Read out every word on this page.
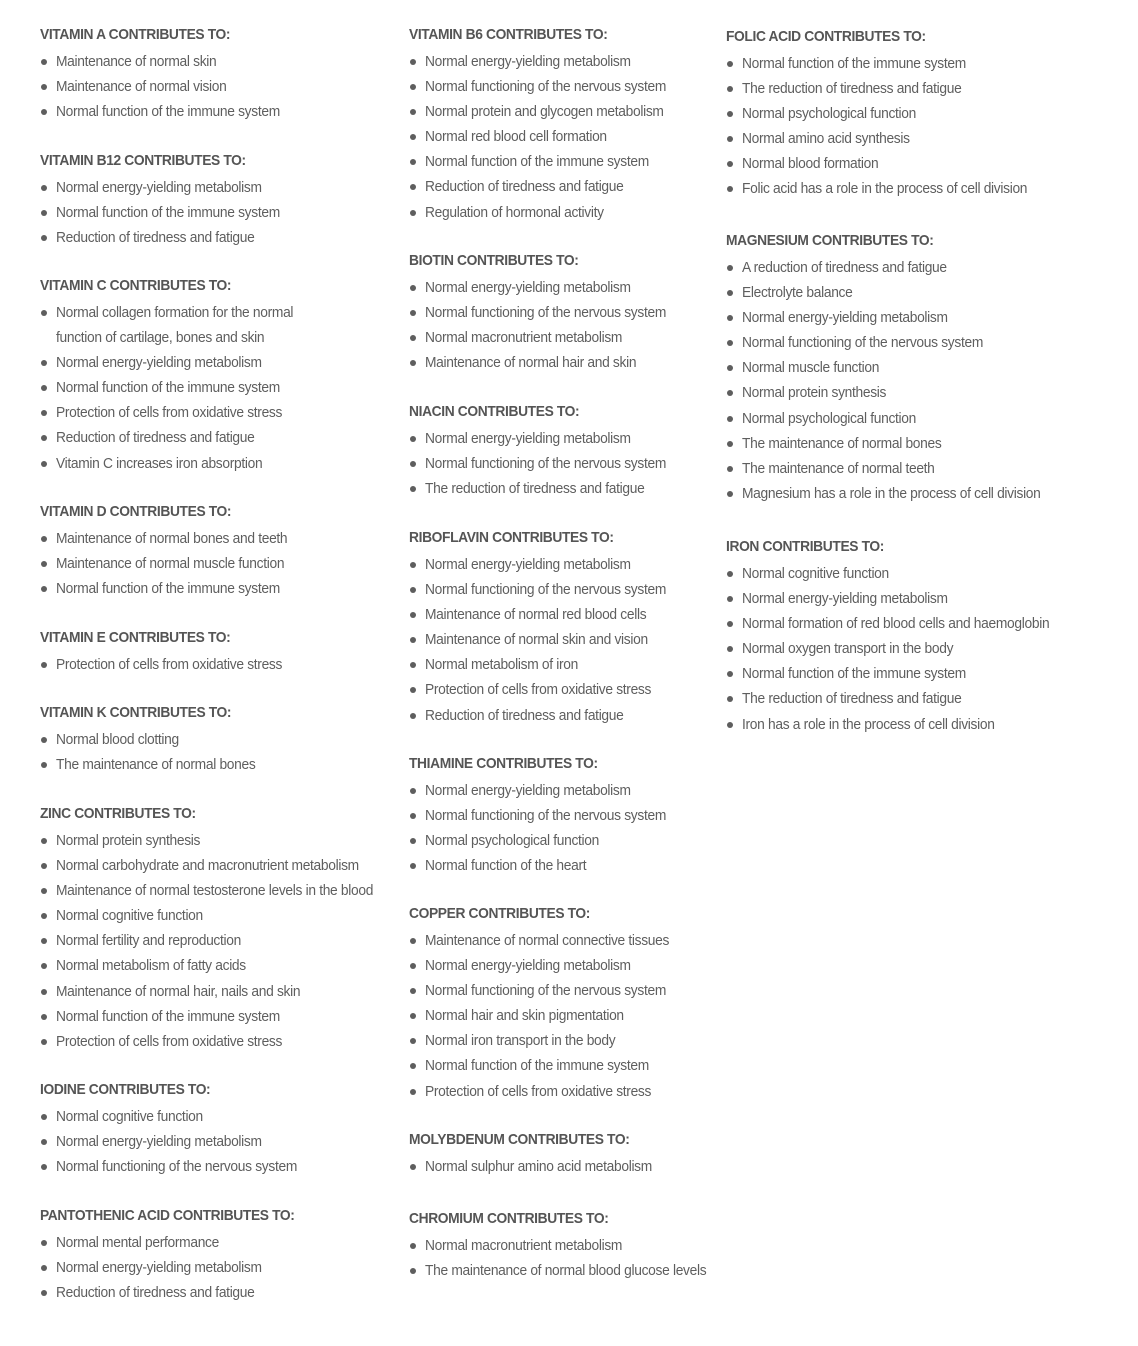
VITAMIN A CONTRIBUTES TO:
Maintenance of normal skin
Maintenance of normal vision
Normal function of the immune system
VITAMIN B12 CONTRIBUTES TO:
Normal energy-yielding metabolism
Normal function of the immune system
Reduction of tiredness and fatigue
VITAMIN C CONTRIBUTES TO:
Normal collagen formation for the normal function of cartilage, bones and skin
Normal energy-yielding metabolism
Normal function of the immune system
Protection of cells from oxidative stress
Reduction of tiredness and fatigue
Vitamin C increases iron absorption
VITAMIN D CONTRIBUTES TO:
Maintenance of normal bones and teeth
Maintenance of normal muscle function
Normal function of the immune system
VITAMIN E CONTRIBUTES TO:
Protection of cells from oxidative stress
VITAMIN K CONTRIBUTES TO:
Normal blood clotting
The maintenance of normal bones
ZINC CONTRIBUTES TO:
Normal protein synthesis
Normal carbohydrate and macronutrient metabolism
Maintenance of normal testosterone levels in the blood
Normal cognitive function
Normal fertility and reproduction
Normal metabolism of fatty acids
Maintenance of normal hair, nails and skin
Normal function of the immune system
Protection of cells from oxidative stress
IODINE CONTRIBUTES TO:
Normal cognitive function
Normal energy-yielding metabolism
Normal functioning of the nervous system
PANTOTHENIC ACID CONTRIBUTES TO:
Normal mental performance
Normal energy-yielding metabolism
Reduction of tiredness and fatigue
VITAMIN B6 CONTRIBUTES TO:
Normal energy-yielding metabolism
Normal functioning of the nervous system
Normal protein and glycogen metabolism
Normal red blood cell formation
Normal function of the immune system
Reduction of tiredness and fatigue
Regulation of hormonal activity
BIOTIN CONTRIBUTES TO:
Normal energy-yielding metabolism
Normal functioning of the nervous system
Normal macronutrient metabolism
Maintenance of normal hair and skin
NIACIN CONTRIBUTES TO:
Normal energy-yielding metabolism
Normal functioning of the nervous system
The reduction of tiredness and fatigue
RIBOFLAVIN CONTRIBUTES TO:
Normal energy-yielding metabolism
Normal functioning of the nervous system
Maintenance of normal red blood cells
Maintenance of normal skin and vision
Normal metabolism of iron
Protection of cells from oxidative stress
Reduction of tiredness and fatigue
THIAMINE CONTRIBUTES TO:
Normal energy-yielding metabolism
Normal functioning of the nervous system
Normal psychological function
Normal function of the heart
COPPER CONTRIBUTES TO:
Maintenance of normal connective tissues
Normal energy-yielding metabolism
Normal functioning of the nervous system
Normal hair and skin pigmentation
Normal iron transport in the body
Normal function of the immune system
Protection of cells from oxidative stress
MOLYBDENUM CONTRIBUTES TO:
Normal sulphur amino acid metabolism
CHROMIUM CONTRIBUTES TO:
Normal macronutrient metabolism
The maintenance of normal blood glucose levels
FOLIC ACID CONTRIBUTES TO:
Normal function of the immune system
The reduction of tiredness and fatigue
Normal psychological function
Normal amino acid synthesis
Normal blood formation
Folic acid has a role in the process of cell division
MAGNESIUM CONTRIBUTES TO:
A reduction of tiredness and fatigue
Electrolyte balance
Normal energy-yielding metabolism
Normal functioning of the nervous system
Normal muscle function
Normal protein synthesis
Normal psychological function
The maintenance of normal bones
The maintenance of normal teeth
Magnesium has a role in the process of cell division
IRON CONTRIBUTES TO:
Normal cognitive function
Normal energy-yielding metabolism
Normal formation of red blood cells and haemoglobin
Normal oxygen transport in the body
Normal function of the immune system
The reduction of tiredness and fatigue
Iron has a role in the process of cell division
